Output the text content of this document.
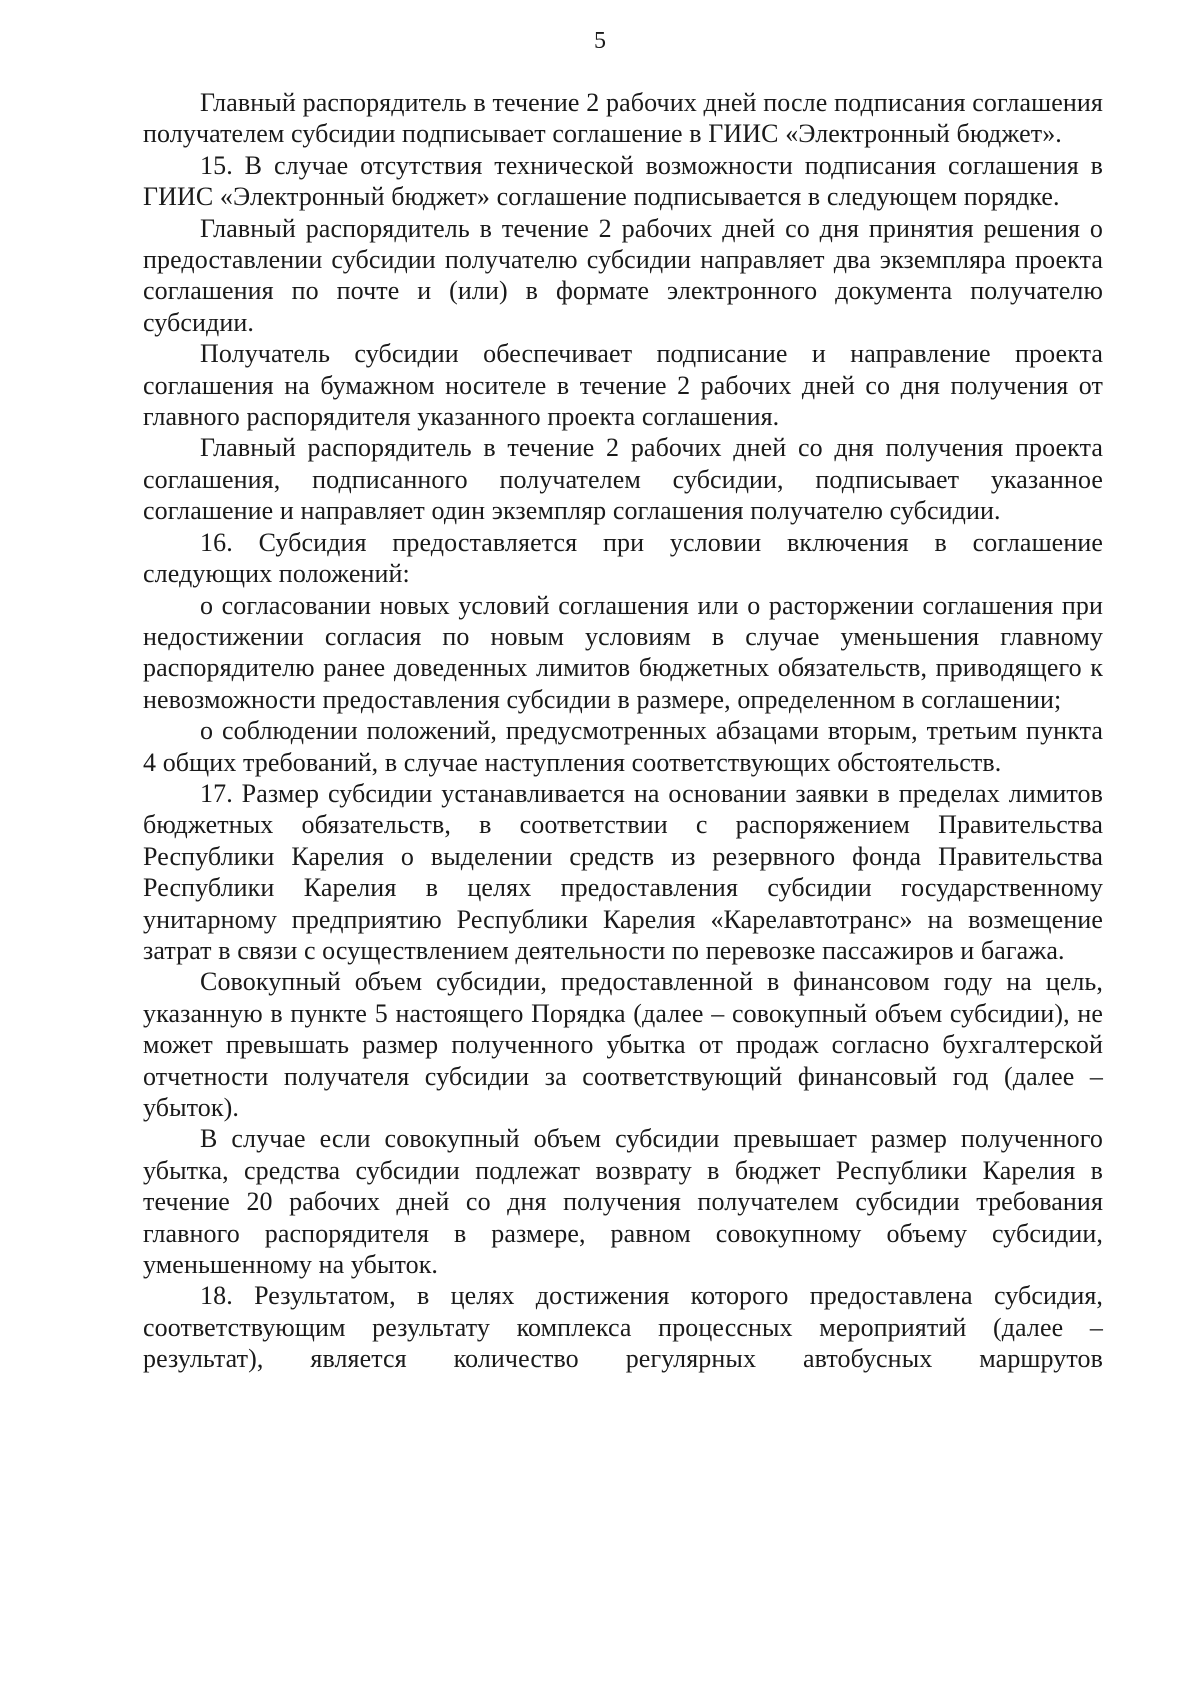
5

Главный распорядитель в течение 2 рабочих дней после подписания соглашения получателем субсидии подписывает соглашение в ГИИС «Электронный бюджет».

15. В случае отсутствия технической возможности подписания соглашения в ГИИС «Электронный бюджет» соглашение подписывается в следующем порядке.

Главный распорядитель в течение 2 рабочих дней со дня принятия решения о предоставлении субсидии получателю субсидии направляет два экземпляра проекта соглашения по почте и (или) в формате электронного документа получателю субсидии.

Получатель субсидии обеспечивает подписание и направление проекта соглашения на бумажном носителе в течение 2 рабочих дней со дня получения от главного распорядителя указанного проекта соглашения.

Главный распорядитель в течение 2 рабочих дней со дня получения проекта соглашения, подписанного получателем субсидии, подписывает указанное соглашение и направляет один экземпляр соглашения получателю субсидии.

16. Субсидия предоставляется при условии включения в соглашение следующих положений:

о согласовании новых условий соглашения или о расторжении соглашения при недостижении согласия по новым условиям в случае уменьшения главному распорядителю ранее доведенных лимитов бюджетных обязательств, приводящего к невозможности предоставления субсидии в размере, определенном в соглашении;

о соблюдении положений, предусмотренных абзацами вторым, третьим пункта 4 общих требований, в случае наступления соответствующих обстоятельств.

17. Размер субсидии устанавливается на основании заявки в пределах лимитов бюджетных обязательств, в соответствии с распоряжением Правительства Республики Карелия о выделении средств из резервного фонда Правительства Республики Карелия в целях предоставления субсидии государственному унитарному предприятию Республики Карелия «Карелавтотранс» на возмещение затрат в связи с осуществлением деятельности по перевозке пассажиров и багажа.

Совокупный объем субсидии, предоставленной в финансовом году на цель, указанную в пункте 5 настоящего Порядка (далее – совокупный объем субсидии), не может превышать размер полученного убытка от продаж согласно бухгалтерской отчетности получателя субсидии за соответствующий финансовый год (далее – убыток).

В случае если совокупный объем субсидии превышает размер полученного убытка, средства субсидии подлежат возврату в бюджет Республики Карелия в течение 20 рабочих дней со дня получения получателем субсидии требования главного распорядителя в размере, равном совокупному объему субсидии, уменьшенному на убыток.

18. Результатом, в целях достижения которого предоставлена субсидия, соответствующим результату комплекса процессных мероприятий (далее – результат), является количество регулярных автобусных маршрутов
